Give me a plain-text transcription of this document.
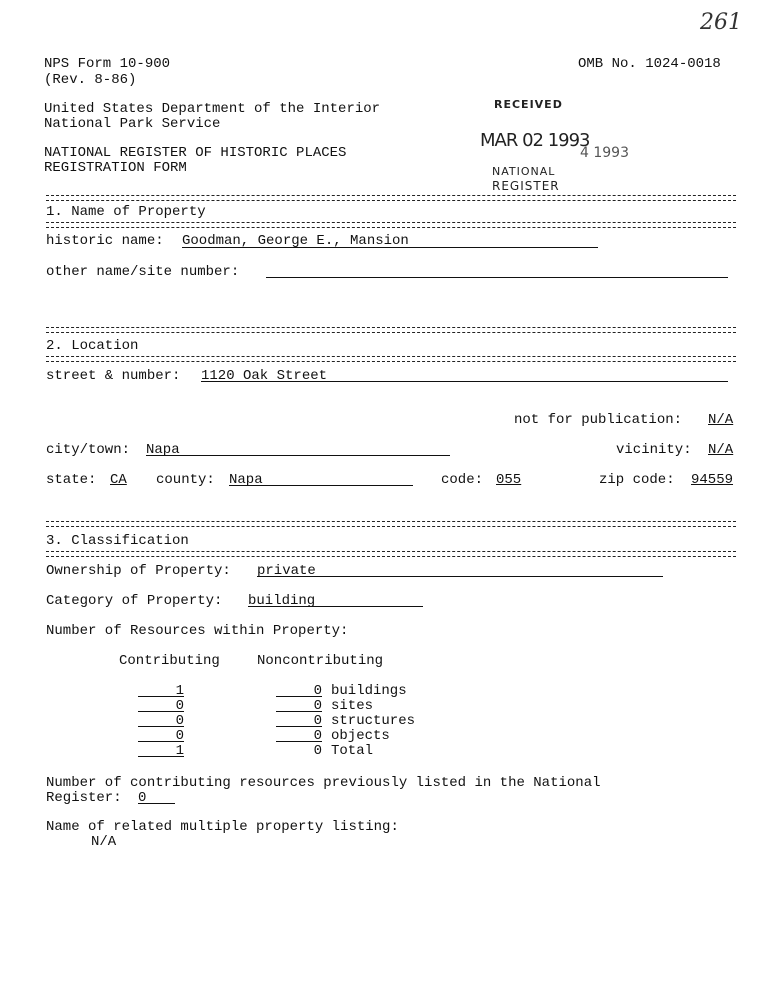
261
NPS Form 10-900
(Rev. 8-86)
OMB No. 1024-0018
United States Department of the Interior
National Park Service
NATIONAL REGISTER OF HISTORIC PLACES
REGISTRATION FORM
RECEIVED
MAR 02 1993
4 1993
NATIONAL
REGISTER
1. Name of Property
historic name: Goodman, George E., Mansion
other name/site number:
2. Location
street & number: 1120 Oak Street
not for publication: N/A
city/town: Napa	vicinity: N/A
state: CA county: Napa	code: 055	zip code: 94559
3. Classification
Ownership of Property: private
Category of Property: building
Number of Resources within Property:
Contributing	Noncontributing
1	0 buildings
0	0 sites
0	0 structures
0	0 objects
1	0 Total
Number of contributing resources previously listed in the National
Register: 0
Name of related multiple property listing:
N/A
